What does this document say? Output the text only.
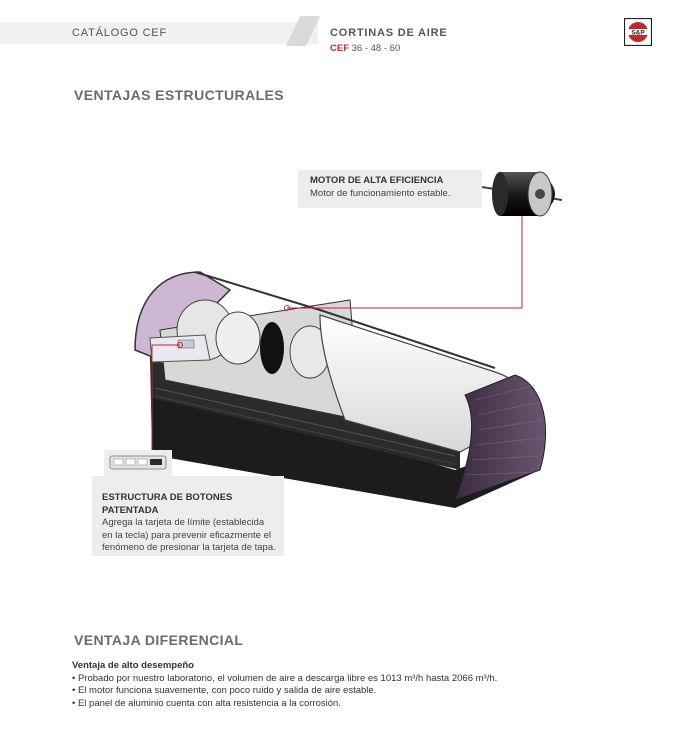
CATÁLOGO CEF	CORTINAS DE AIRE
CEF 36 - 48 - 60
S&P
VENTAJAS ESTRUCTURALES
MOTOR DE ALTA EFICIENCIA
Motor de funcionamiento estable.
ESTRUCTURA DE BOTONES PATENTADA
Agrega la tarjeta de límite (establecida
en la tecla) para prevenir eficazmente el
fenómeno de presionar la tarjeta de tapa.
VENTAJA DIFERENCIAL
Ventaja de alto desempeño
• Probado por nuestro laboratorio, el volumen de aire a descarga libre es 1013 m³/h hasta 2066 m³/h.
• El motor funciona suavemente, con poco ruido y salida de aire estable.
• El panel de aluminio cuenta con alta resistencia a la corrosión.
